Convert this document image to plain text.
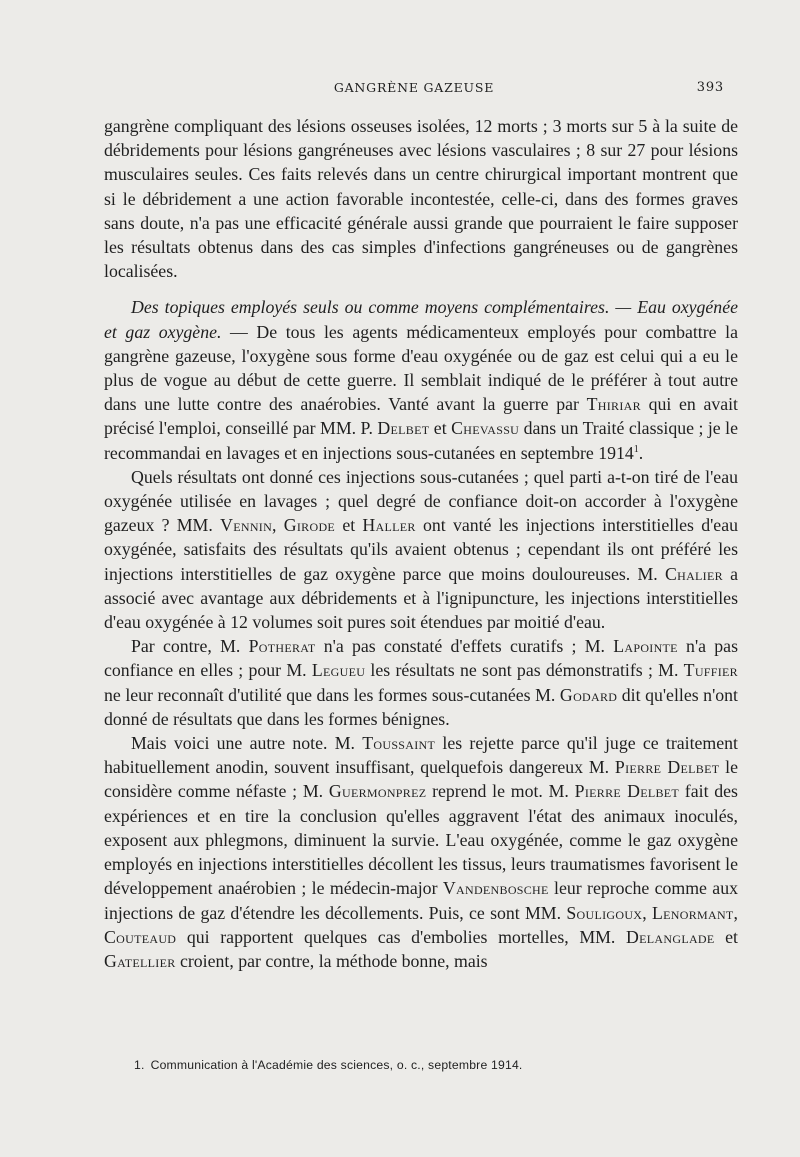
GANGRÈNE GAZEUSE	393

gangrène compliquant des lésions osseuses isolées, 12 morts ; 3 morts sur 5 à la suite de débridements pour lésions gangréneuses avec lésions vasculaires ; 8 sur 27 pour lésions musculaires seules. Ces faits relevés dans un centre chirurgical important montrent que si le débridement a une action favorable incontestée, celle-ci, dans des formes graves sans doute, n'a pas une efficacité générale aussi grande que pourraient le faire supposer les résultats obtenus dans des cas simples d'infections gangréneuses ou de gangrènes localisées.

Des topiques employés seuls ou comme moyens complémentaires. — Eau oxygénée et gaz oxygène. — De tous les agents médicamenteux employés pour combattre la gangrène gazeuse, l'oxygène sous forme d'eau oxygénée ou de gaz est celui qui a eu le plus de vogue au début de cette guerre. Il semblait indiqué de le préférer à tout autre dans une lutte contre des anaérobies. Vanté avant la guerre par Thiriar qui en avait précisé l'emploi, conseillé par MM. P. Delbet et Chevassu dans un Traité classique ; je le recommandai en lavages et en injections sous-cutanées en septembre 1914$^1$.

Quels résultats ont donné ces injections sous-cutanées ; quel parti a-t-on tiré de l'eau oxygénée utilisée en lavages ; quel degré de confiance doit-on accorder à l'oxygène gazeux ? MM. Vennin, Girode et Haller ont vanté les injections interstitielles d'eau oxygénée, satisfaits des résultats qu'ils avaient obtenus ; cependant ils ont préféré les injections interstitielles de gaz oxygène parce que moins douloureuses. M. Chalier a associé avec avantage aux débridements et à l'ignipuncture, les injections interstitielles d'eau oxygénée à 12 volumes soit pures soit étendues par moitié d'eau.

Par contre, M. Potherat n'a pas constaté d'effets curatifs ; M. Lapointe n'a pas confiance en elles ; pour M. Legueu les résultats ne sont pas démonstratifs ; M. Tuffier ne leur reconnaît d'utilité que dans les formes sous-cutanées M. Godard dit qu'elles n'ont donné de résultats que dans les formes bénignes.

Mais voici une autre note. M. Toussaint les rejette parce qu'il juge ce traitement habituellement anodin, souvent insuffisant, quelquefois dangereux M. Pierre Delbet le considère comme néfaste ; M. Guermonprez reprend le mot. M. Pierre Delbet fait des expériences et en tire la conclusion qu'elles aggravent l'état des animaux inoculés, exposent aux phlegmons, diminuent la survie. L'eau oxygénée, comme le gaz oxygène employés en injections interstitielles décollent les tissus, leurs traumatismes favorisent le développement anaérobien ; le médecin-major Vandenbosche leur reproche comme aux injections de gaz d'étendre les décollements. Puis, ce sont MM. Souligoux, Lenormant, Couteaud qui rapportent quelques cas d'embolies mortelles, MM. Delanglade et Gatellier croient, par contre, la méthode bonne, mais

1. Communication à l'Académie des sciences, o. c., septembre 1914.
